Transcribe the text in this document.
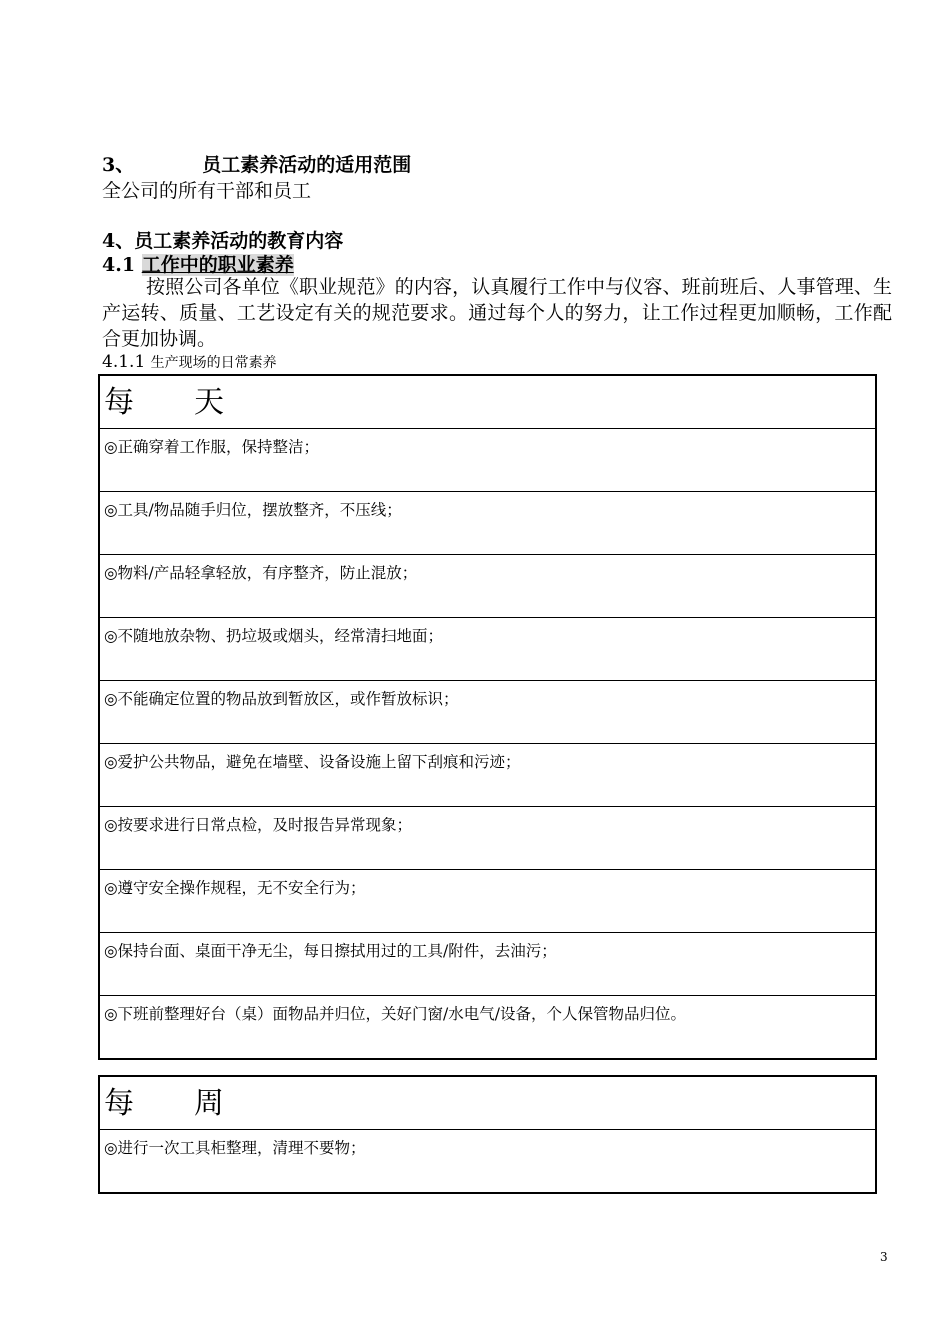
3、	员工素养活动的适用范围
全公司的所有干部和员工
4、员工素养活动的教育内容
4.1 工作中的职业素养
按照公司各单位《职业规范》的内容，认真履行工作中与仪容、班前班后、人事管理、生产运转、质量、工艺设定有关的规范要求。通过每个人的努力，让工作过程更加顺畅，工作配合更加协调。
4.1.1 生产现场的日常素养
每　　天
◎正确穿着工作服，保持整洁；
◎工具/物品随手归位，摆放整齐，不压线；
◎物料/产品轻拿轻放，有序整齐，防止混放；
◎不随地放杂物、扔垃圾或烟头，经常清扫地面；
◎不能确定位置的物品放到暂放区，或作暂放标识；
◎爱护公共物品，避免在墙壁、设备设施上留下刮痕和污迹；
◎按要求进行日常点检，及时报告异常现象；
◎遵守安全操作规程，无不安全行为；
◎保持台面、桌面干净无尘，每日擦拭用过的工具/附件，去油污；
◎下班前整理好台（桌）面物品并归位，关好门窗/水电气/设备，个人保管物品归位。
每　　周
◎进行一次工具柜整理，清理不要物；
3
